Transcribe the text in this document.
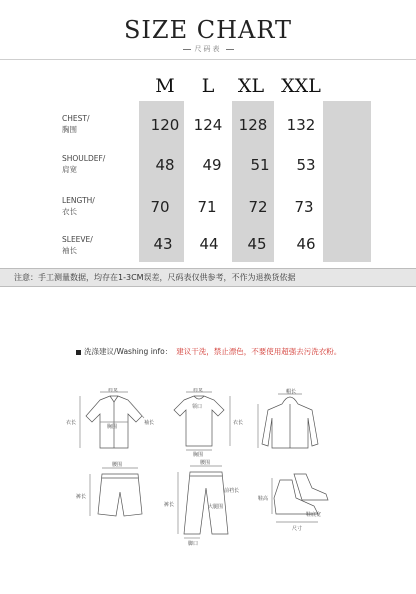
SIZE CHART
尺码表
M	L	XL XXL
CHEST/
胸围	120 124	128	132
SHOULDEF/
肩宽	48	49	51	53
LENGTH/
衣长	70	71	72	73
SLEEVE/
袖长	43	44	45	46
注意：手工测量数据，均存在1-3CM误差，尺码表仅供参考，不作为退换货依据
洗涤建议/Washing info： 建议干洗，禁止漂色，不要使用超强去污洗衣粉。
肩宽
衣长
胸围
袖长
肩宽
领口
胸围
衣长
帽长
腰围
裤长
腰围
裤长	大腿围
前裆长
脚口
鞋高
鞋底宽
尺寸
